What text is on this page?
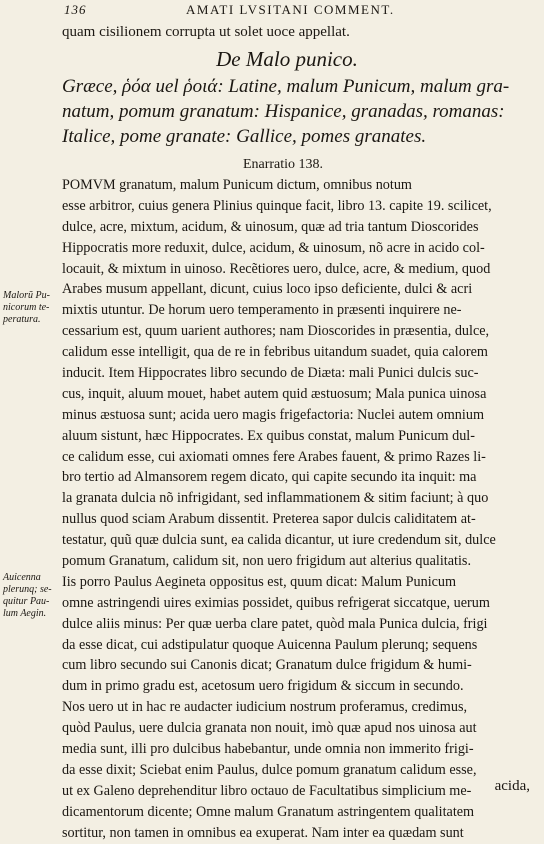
136	AMATI LVSITANI COMMENT.
quam cisilionem corrupta ut solet uoce appellat.
De Malo punico.
Græce, ῥόα uel ῥοιά: Latine, malum Punicum, malum gra-
natum, pomum granatum: Hispanice, granadas, romanas:
Italice, pome granate: Gallice, pomes granates.
Enarratio 138.
POMVM granatum, malum Punicum dictum, omnibus notum
esse arbitror, cuius genera Plinius quinque facit, libro 13. capite 19. scilicet,
dulce, acre, mixtum, acidum, & uinosum, quæ ad tria tantum Dioscorides
Hippocratis more reduxit, dulce, acidum, & uinosum, nõ acre in acido col-
locauit, & mixtum in uinoso. Recẽtiores uero, dulce, acre, & medium, quod
Arabes musum appellant, dicunt, cuius loco ipso deficiente, dulci & acri
mixtis utuntur. De horum uero temperamento in præsenti inquirere ne-
cessarium est, quum uarient authores; nam Dioscorides in præsentia, dulce,
calidum esse intelligit, qua de re in febribus uitandum suadet, quia calorem
inducit. Item Hippocrates libro secundo de Diæta: mali Punici dulcis suc-
cus, inquit, aluum mouet, habet autem quid æstuosum; Mala punica uinosa
minus æstuosa sunt; acida uero magis frigefactoria: Nuclei autem omnium
aluum sistunt, hæc Hippocrates. Ex quibus constat, malum Punicum dul-
ce calidum esse, cui axiomati omnes fere Arabes fauent, & primo Razes li-
bro tertio ad Almansorem regem dicato, qui capite secundo ita inquit: ma
la granata dulcia nõ infrigidant, sed inflammationem & sitim faciunt; à quo
nullus quod sciam Arabum dissentit. Preterea sapor dulcis caliditatem at-
testatur, quũ quæ dulcia sunt, ea calida dicantur, ut iure credendum sit, dulce
pomum Granatum, calidum sit, non uero frigidum aut alterius qualitatis.
Iis porro Paulus Aegineta oppositus est, quum dicat: Malum Punicum
omne astringendi uires eximias possidet, quibus refrigerat siccatque, uerum
dulce aliis minus: Per quæ uerba clare patet, quòd mala Punica dulcia, frigi
da esse dicat, cui adstipulatur quoque Auicenna Paulum plerunq; sequens
cum libro secundo sui Canonis dicat; Granatum dulce frigidum & humi-
dum in primo gradu est, acetosum uero frigidum & siccum in secundo.
Nos uero ut in hac re audacter iudicium nostrum proferamus, credimus,
quòd Paulus, uere dulcia granata non nouit, imò quæ apud nos uinosa aut
media sunt, illi pro dulcibus habebantur, unde omnia non immerito frigi-
da esse dixit; Sciebat enim Paulus, dulce pomum granatum calidum esse,
ut ex Galeno deprehenditur libro octauo de Facultatibus simplicium me-
dicamentorum dicente; Omne malum Granatum astringentem qualitatem
sortitur, non tamen in omnibus ea exuperat. Nam inter ea quædam sunt
Malorũ Pu-
nicorum te-
peratura.
Auicenna
plerunq; se-
quitur Pau-
lum Aegin.
acida,
